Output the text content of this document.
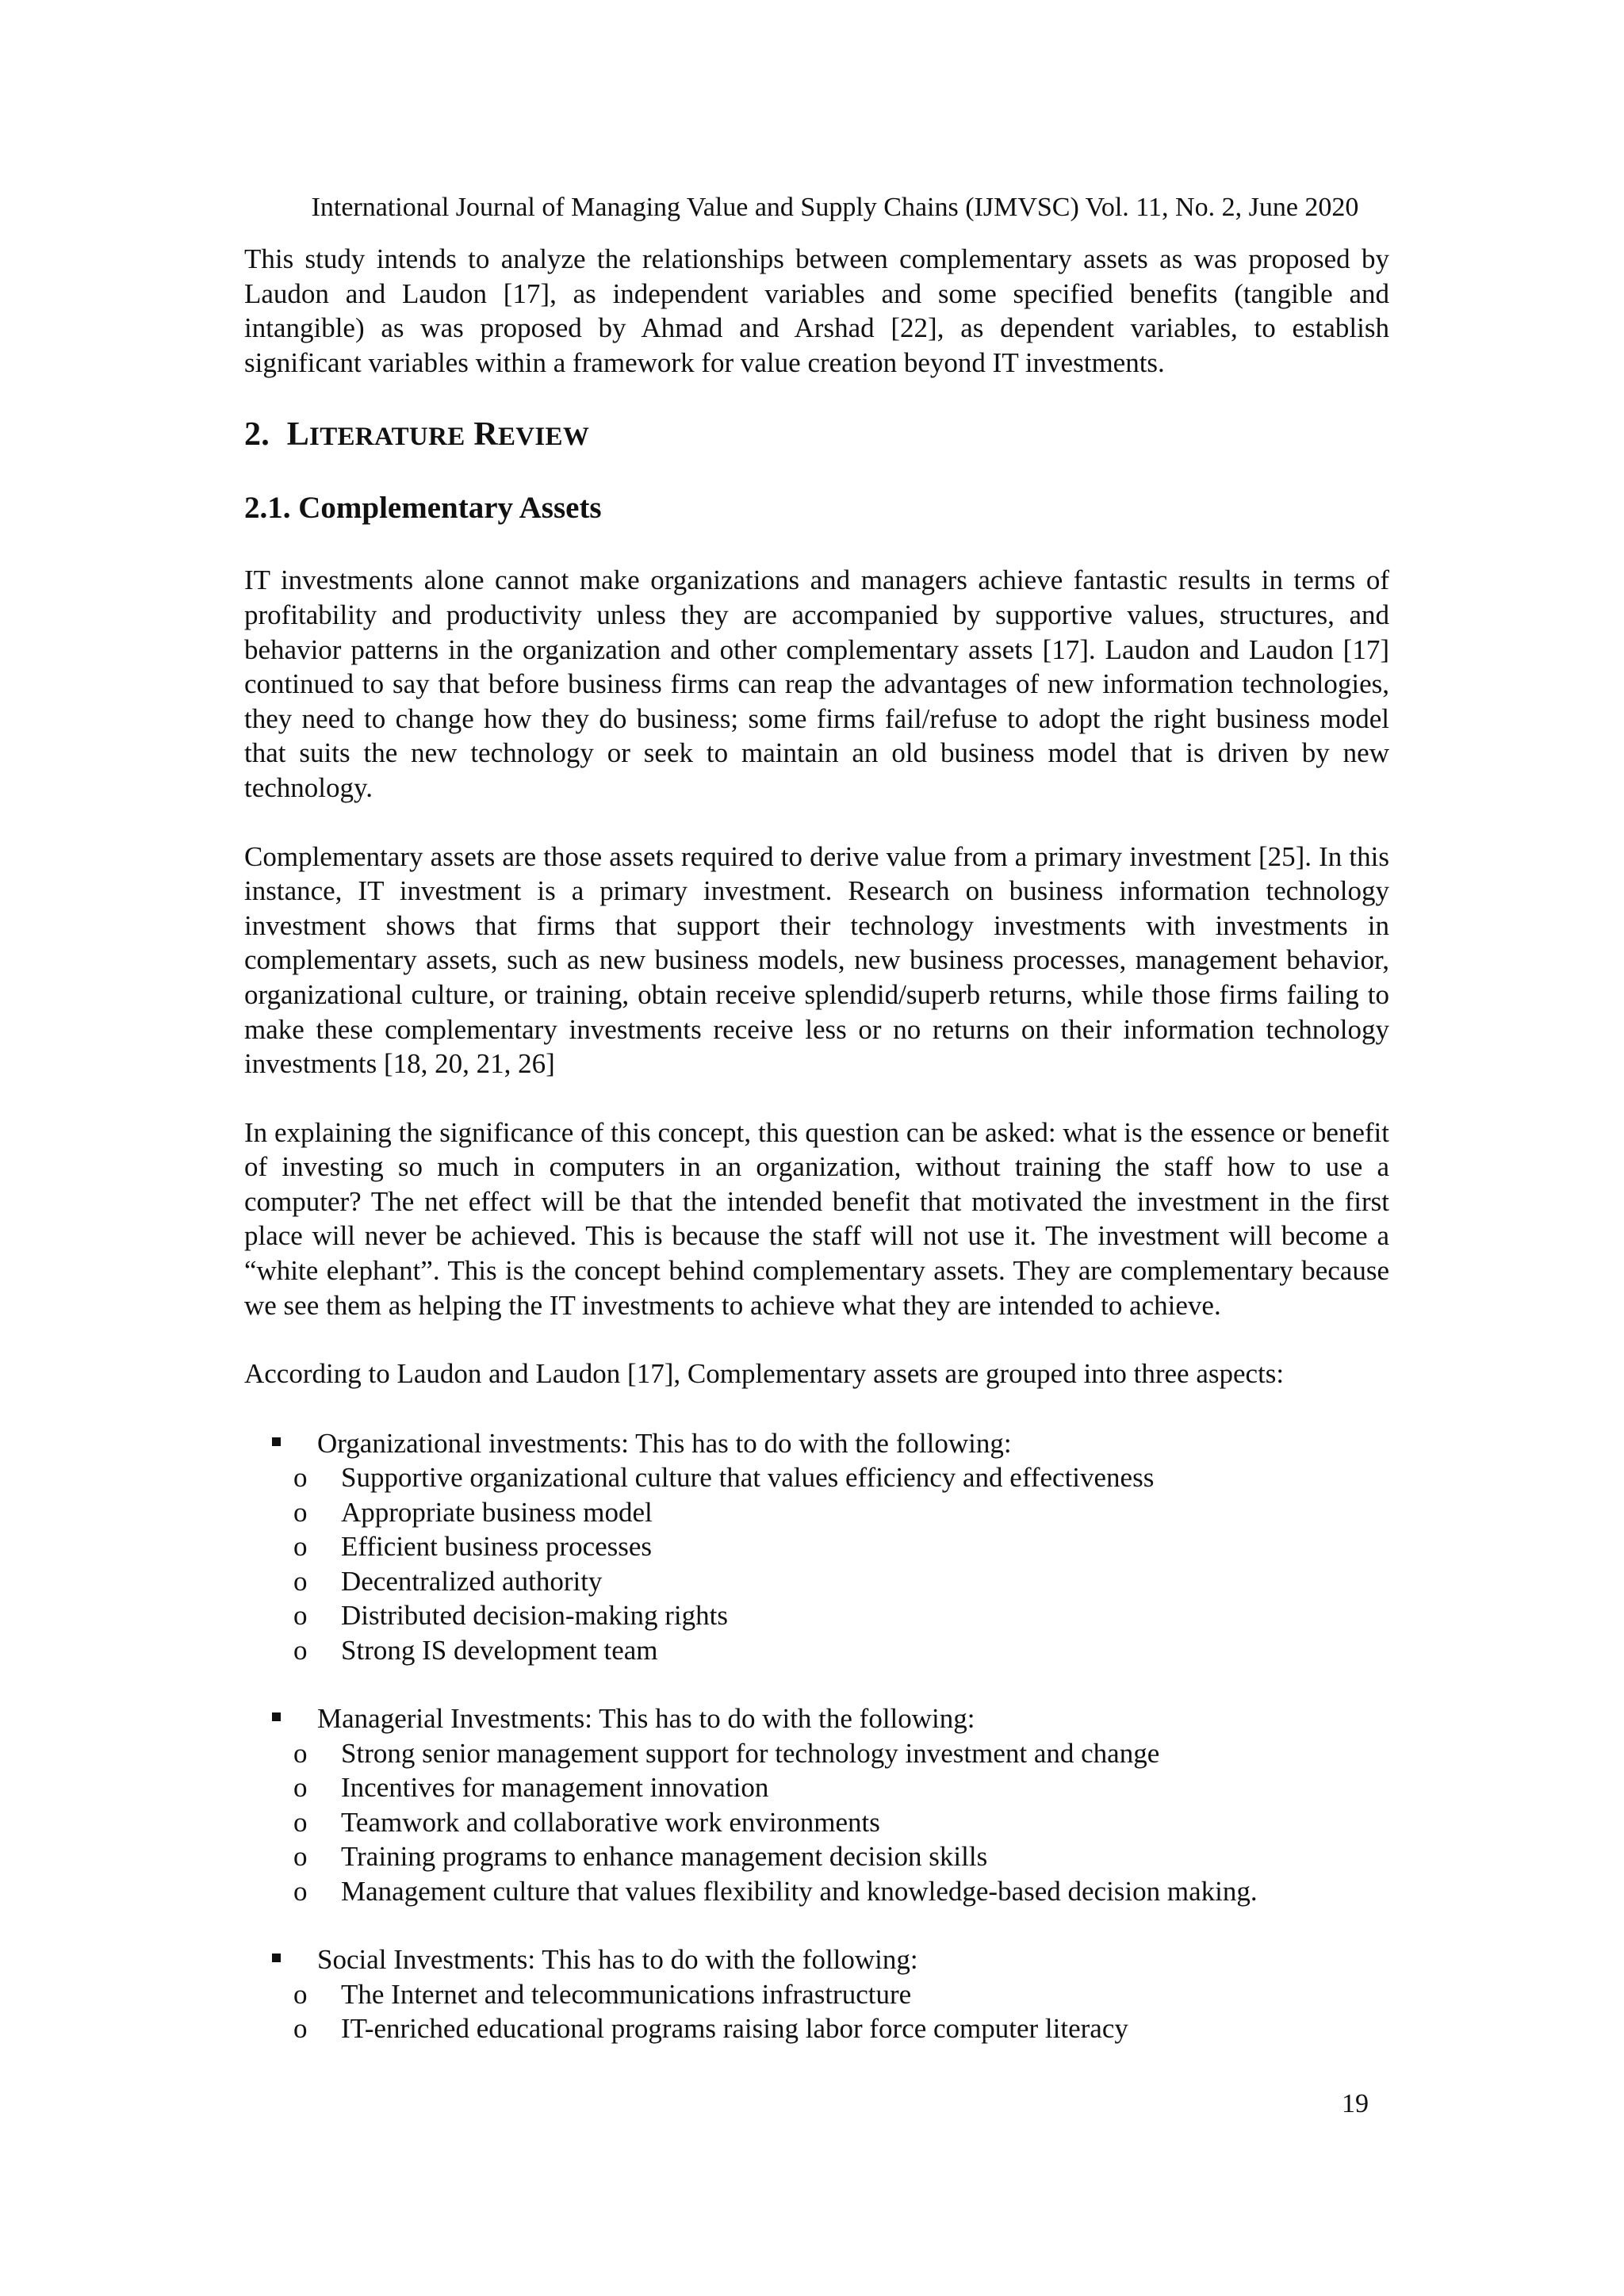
International Journal of Managing Value and Supply Chains (IJMVSC) Vol. 11, No. 2, June 2020

This study intends to analyze the relationships between complementary assets as was proposed by Laudon and Laudon [17], as independent variables and some specified benefits (tangible and intangible) as was proposed by Ahmad and Arshad [22], as dependent variables, to establish significant variables within a framework for value creation beyond IT investments.

2. LITERATURE REVIEW
2.1. Complementary Assets

IT investments alone cannot make organizations and managers achieve fantastic results in terms of profitability and productivity unless they are accompanied by supportive values, structures, and behavior patterns in the organization and other complementary assets [17]. Laudon and Laudon [17] continued to say that before business firms can reap the advantages of new information technologies, they need to change how they do business; some firms fail/refuse to adopt the right business model that suits the new technology or seek to maintain an old business model that is driven by new technology.

Complementary assets are those assets required to derive value from a primary investment [25]. In this instance, IT investment is a primary investment. Research on business information technology investment shows that firms that support their technology investments with investments in complementary assets, such as new business models, new business processes, management behavior, organizational culture, or training, obtain receive splendid/superb returns, while those firms failing to make these complementary investments receive less or no returns on their information technology investments [18, 20, 21, 26]

In explaining the significance of this concept, this question can be asked: what is the essence or benefit of investing so much in computers in an organization, without training the staff how to use a computer? The net effect will be that the intended benefit that motivated the investment in the first place will never be achieved. This is because the staff will not use it. The investment will become a “white elephant”. This is the concept behind complementary assets. They are complementary because we see them as helping the IT investments to achieve what they are intended to achieve.

According to Laudon and Laudon [17], Complementary assets are grouped into three aspects:

Organizational investments: This has to do with the following:
o Supportive organizational culture that values efficiency and effectiveness
o Appropriate business model
o Efficient business processes
o Decentralized authority
o Distributed decision-making rights
o Strong IS development team
Managerial Investments: This has to do with the following:
o Strong senior management support for technology investment and change
o Incentives for management innovation
o Teamwork and collaborative work environments
o Training programs to enhance management decision skills
o Management culture that values flexibility and knowledge-based decision making.
Social Investments: This has to do with the following:
o The Internet and telecommunications infrastructure
o IT-enriched educational programs raising labor force computer literacy
19
